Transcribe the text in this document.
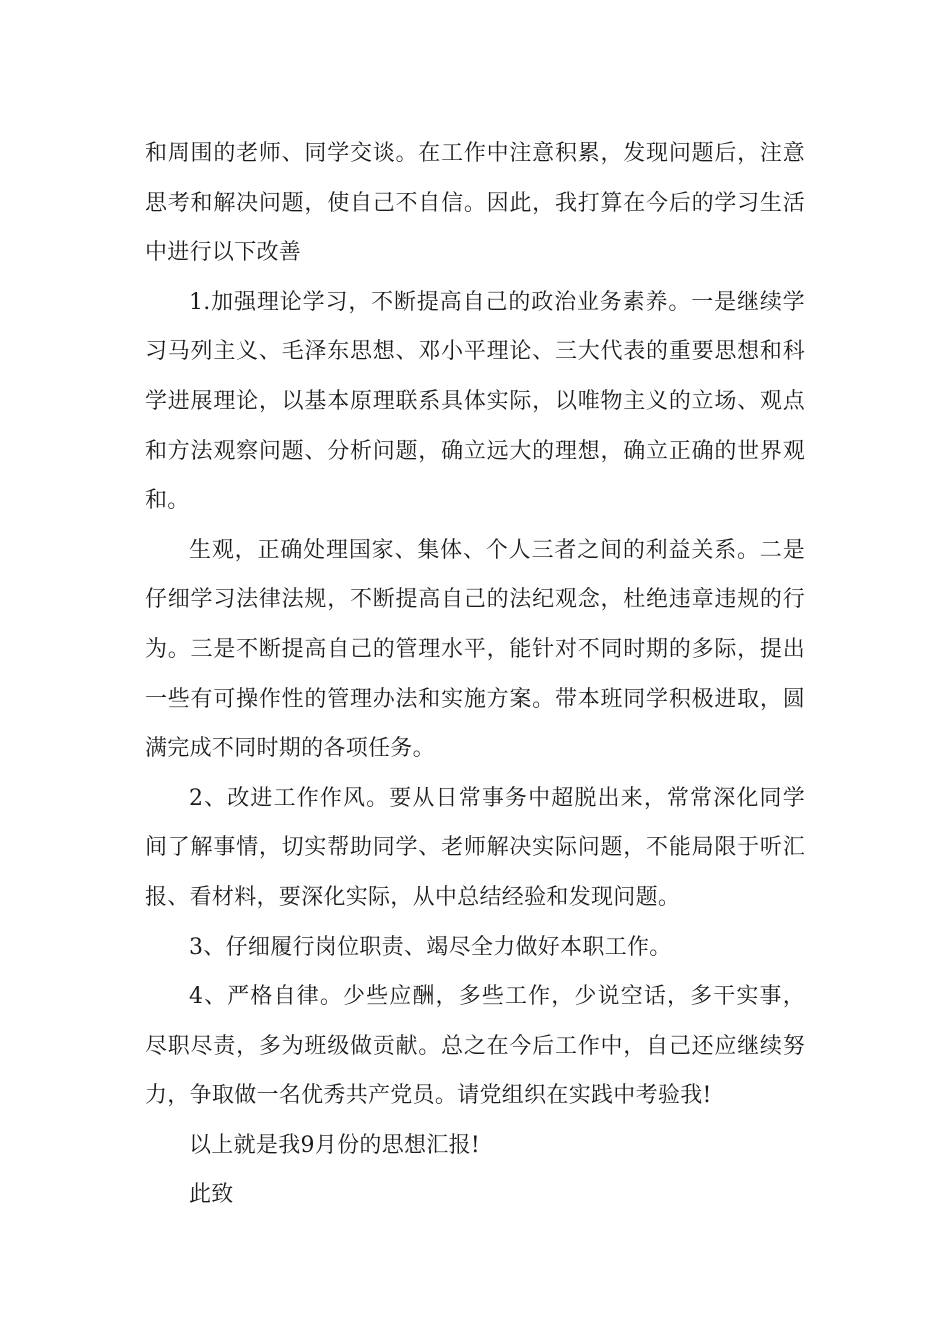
和周围的老师、同学交谈。在工作中注意积累，发现问题后，注意思考和解决问题，使自己不自信。因此，我打算在今后的学习生活中进行以下改善

1.加强理论学习，不断提高自己的政治业务素养。一是继续学习马列主义、毛泽东思想、邓小平理论、三大代表的重要思想和科学进展理论，以基本原理联系具体实际，以唯物主义的立场、观点和方法观察问题、分析问题，确立远大的理想，确立正确的世界观和。

生观，正确处理国家、集体、个人三者之间的利益关系。二是仔细学习法律法规，不断提高自己的法纪观念，杜绝违章违规的行为。三是不断提高自己的管理水平，能针对不同时期的多际，提出一些有可操作性的管理办法和实施方案。带本班同学积极进取，圆满完成不同时期的各项任务。

2、改进工作作风。要从日常事务中超脱出来，常常深化同学间了解事情，切实帮助同学、老师解决实际问题，不能局限于听汇报、看材料，要深化实际，从中总结经验和发现问题。

3、仔细履行岗位职责、竭尽全力做好本职工作。

4、严格自律。少些应酬，多些工作，少说空话，多干实事，尽职尽责，多为班级做贡献。总之在今后工作中，自己还应继续努力，争取做一名优秀共产党员。请党组织在实践中考验我!

以上就是我9月份的思想汇报!

此致
